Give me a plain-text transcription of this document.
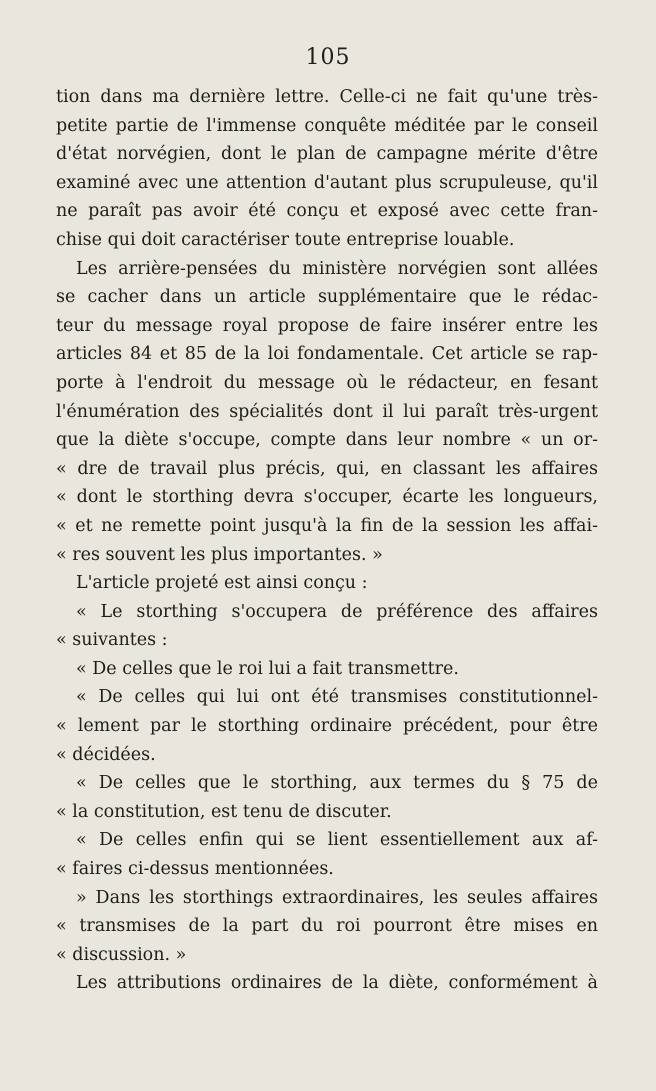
105
tion dans ma dernière lettre. Celle-ci ne fait qu'une très-
petite partie de l'immense conquête méditée par le conseil
d'état norvégien, dont le plan de campagne mérite d'être
examiné avec une attention d'autant plus scrupuleuse, qu'il
ne paraît pas avoir été conçu et exposé avec cette fran-
chise qui doit caractériser toute entreprise louable.
Les arrière-pensées du ministère norvégien sont allées
se cacher dans un article supplémentaire que le rédac-
teur du message royal propose de faire insérer entre les
articles 84 et 85 de la loi fondamentale. Cet article se rap-
porte à l'endroit du message où le rédacteur, en fesant
l'énumération des spécialités dont il lui paraît très-urgent
que la diète s'occupe, compte dans leur nombre « un or-
« dre de travail plus précis, qui, en classant les affaires
« dont le storthing devra s'occuper, écarte les longueurs,
« et ne remette point jusqu'à la fin de la session les affai-
« res souvent les plus importantes. »
L'article projeté est ainsi conçu :
« Le storthing s'occupera de préférence des affaires
« suivantes :
« De celles que le roi lui a fait transmettre.
« De celles qui lui ont été transmises constitutionnel-
« lement par le storthing ordinaire précédent, pour être
« décidées.
« De celles que le storthing, aux termes du § 75 de
« la constitution, est tenu de discuter.
« De celles enfin qui se lient essentiellement aux af-
« faires ci-dessus mentionnées.
» Dans les storthings extraordinaires, les seules affaires
« transmises de la part du roi pourront être mises en
« discussion. »
Les attributions ordinaires de la diète, conformément à
